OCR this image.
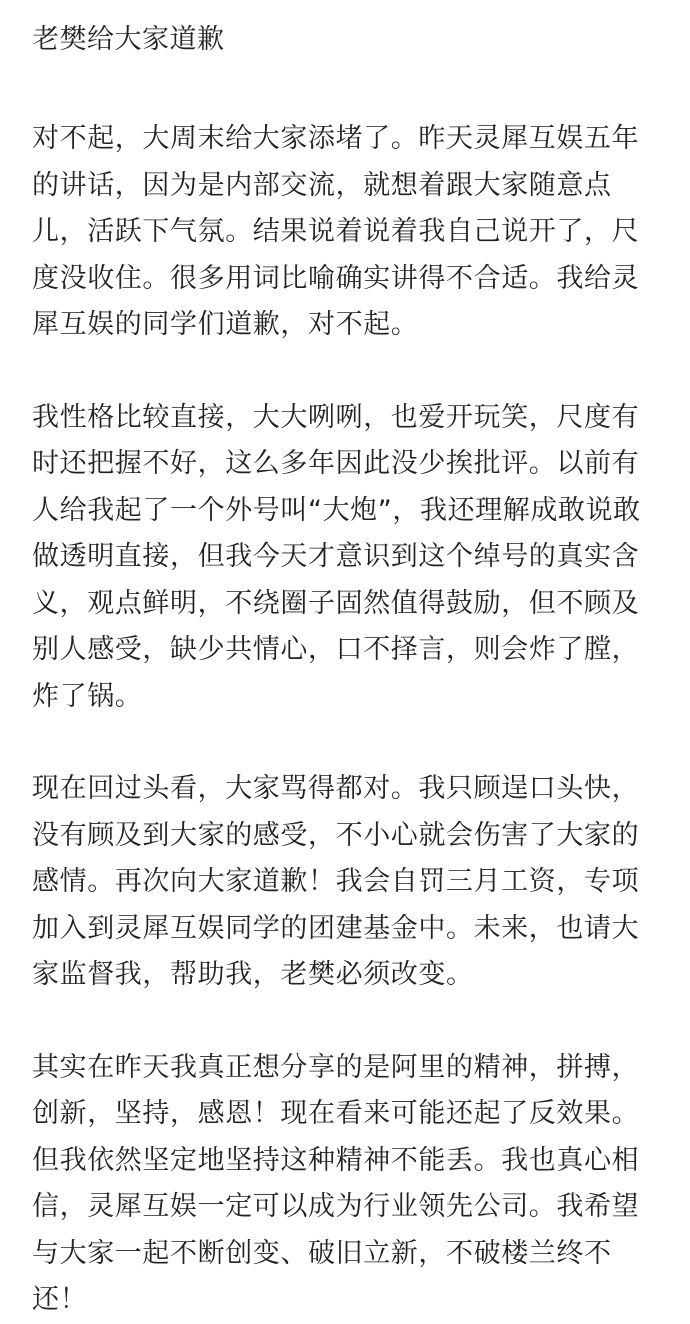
老樊给大家道歉

对不起，大周末给大家添堵了。昨天灵犀互娱五年
的讲话，因为是内部交流，就想着跟大家随意点
儿，活跃下气氛。结果说着说着我自己说开了，尺
度没收住。很多用词比喻确实讲得不合适。我给灵
犀互娱的同学们道歉，对不起。

我性格比较直接，大大咧咧，也爱开玩笑，尺度有
时还把握不好，这么多年因此没少挨批评。以前有
人给我起了一个外号叫“大炮”，我还理解成敢说敢
做透明直接，但我今天才意识到这个绰号的真实含
义，观点鲜明，不绕圈子固然值得鼓励，但不顾及
别人感受，缺少共情心，口不择言，则会炸了膛，
炸了锅。

现在回过头看，大家骂得都对。我只顾逞口头快，
没有顾及到大家的感受，不小心就会伤害了大家的
感情。再次向大家道歉！我会自罚三月工资，专项
加入到灵犀互娱同学的团建基金中。未来，也请大
家监督我，帮助我，老樊必须改变。

其实在昨天我真正想分享的是阿里的精神，拼搏，
创新，坚持，感恩！现在看来可能还起了反效果。
但我依然坚定地坚持这种精神不能丢。我也真心相
信，灵犀互娱一定可以成为行业领先公司。我希望
与大家一起不断创变、破旧立新，不破楼兰终不
还！
